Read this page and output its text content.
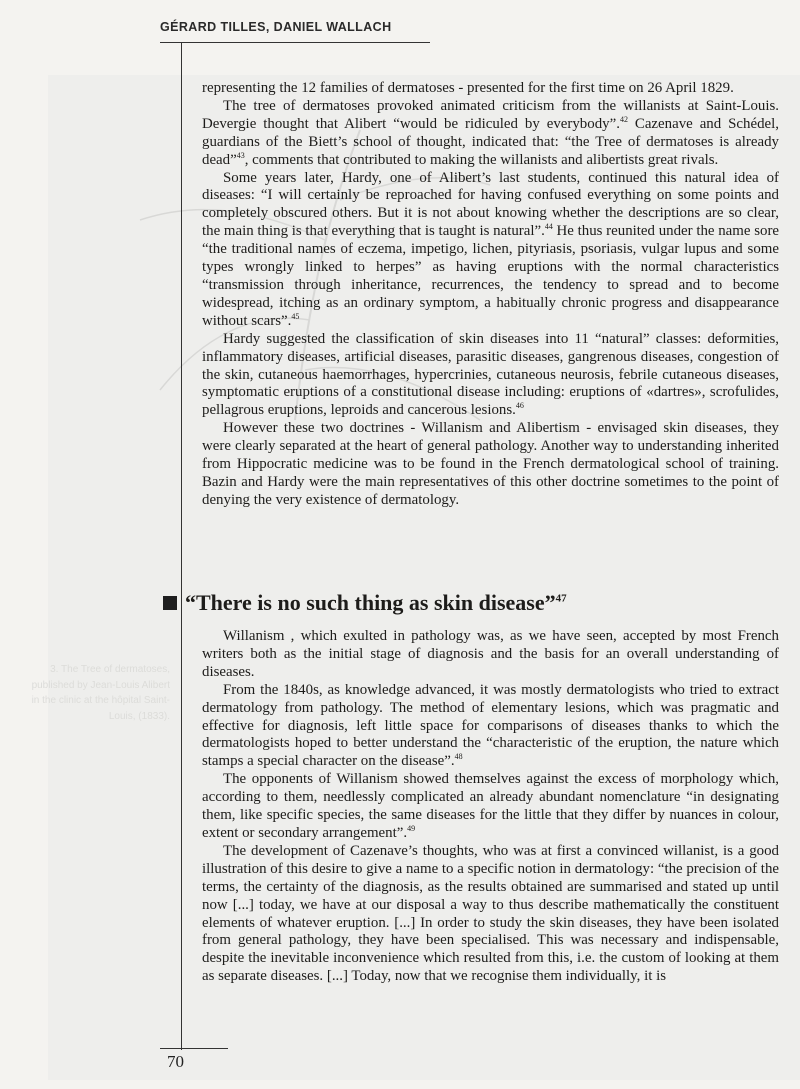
3. The Tree of dermatoses, published by Jean-Louis Alibert in the clinic at the hôpital Saint-Louis, (1833).
GÉRARD TILLES, DANIEL WALLACH

representing the 12 families of dermatoses - presented for the first time on 26 April 1829.

The tree of dermatoses provoked animated criticism from the willanists at Saint-Louis. Devergie thought that Alibert “would be ridiculed by everybody”.$^{42}$ Cazenave and Schédel, guardians of the Biett’s school of thought, indicated that: “the Tree of dermatoses is already dead”$^{43}$, comments that contributed to making the willanists and alibertists great rivals.

Some years later, Hardy, one of Alibert’s last students, continued this natural idea of diseases: “I will certainly be reproached for having confused everything on some points and completely obscured others. But it is not about knowing whether the descriptions are so clear, the main thing is that everything that is taught is natural”.$^{44}$ He thus reunited under the name sore “the traditional names of eczema, impetigo, lichen, pityriasis, psoriasis, vulgar lupus and some types wrongly linked to herpes” as having eruptions with the normal characteristics “transmission through inheritance, recurrences, the tendency to spread and to become widespread, itching as an ordinary symptom, a habitually chronic progress and disappearance without scars”.$^{45}$

Hardy suggested the classification of skin diseases into 11 “natural” classes: deformities, inflammatory diseases, artificial diseases, parasitic diseases, gangrenous diseases, congestion of the skin, cutaneous haemorrhages, hypercrinies, cutaneous neurosis, febrile cutaneous diseases, symptomatic eruptions of a constitutional disease including: eruptions of «dartres», scrofulides, pellagrous eruptions, leproids and cancerous lesions.$^{46}$

However these two doctrines - Willanism and Alibertism - envisaged skin diseases, they were clearly separated at the heart of general pathology. Another way to understanding inherited from Hippocratic medicine was to be found in the French dermatological school of training. Bazin and Hardy were the main representatives of this other doctrine sometimes to the point of denying the very existence of dermatology.

“There is no such thing as skin disease”$^{47}$

Willanism , which exulted in pathology was, as we have seen, accepted by most French writers both as the initial stage of diagnosis and the basis for an overall understanding of diseases.

From the 1840s, as knowledge advanced, it was mostly dermatologists who tried to extract dermatology from pathology. The method of elementary lesions, which was pragmatic and effective for diagnosis, left little space for comparisons of diseases thanks to which the dermatologists hoped to better understand the “characteristic of the eruption, the nature which stamps a special character on the disease”.$^{48}$

The opponents of Willanism showed themselves against the excess of morphology which, according to them, needlessly complicated an already abundant nomenclature “in designating them, like specific species, the same diseases for the little that they differ by nuances in colour, extent or secondary arrangement”.$^{49}$

The development of Cazenave’s thoughts, who was at first a convinced willanist, is a good illustration of this desire to give a name to a specific notion in dermatology: “the precision of the terms, the certainty of the diagnosis, as the results obtained are summarised and stated up until now [...] today, we have at our disposal a way to thus describe mathematically the constituent elements of whatever eruption. [...] In order to study the skin diseases, they have been isolated from general pathology, they have been specialised. This was necessary and indispensable, despite the inevitable inconvenience which resulted from this, i.e. the custom of looking at them as separate diseases. [...] Today, now that we recognise them individually, it is

70
